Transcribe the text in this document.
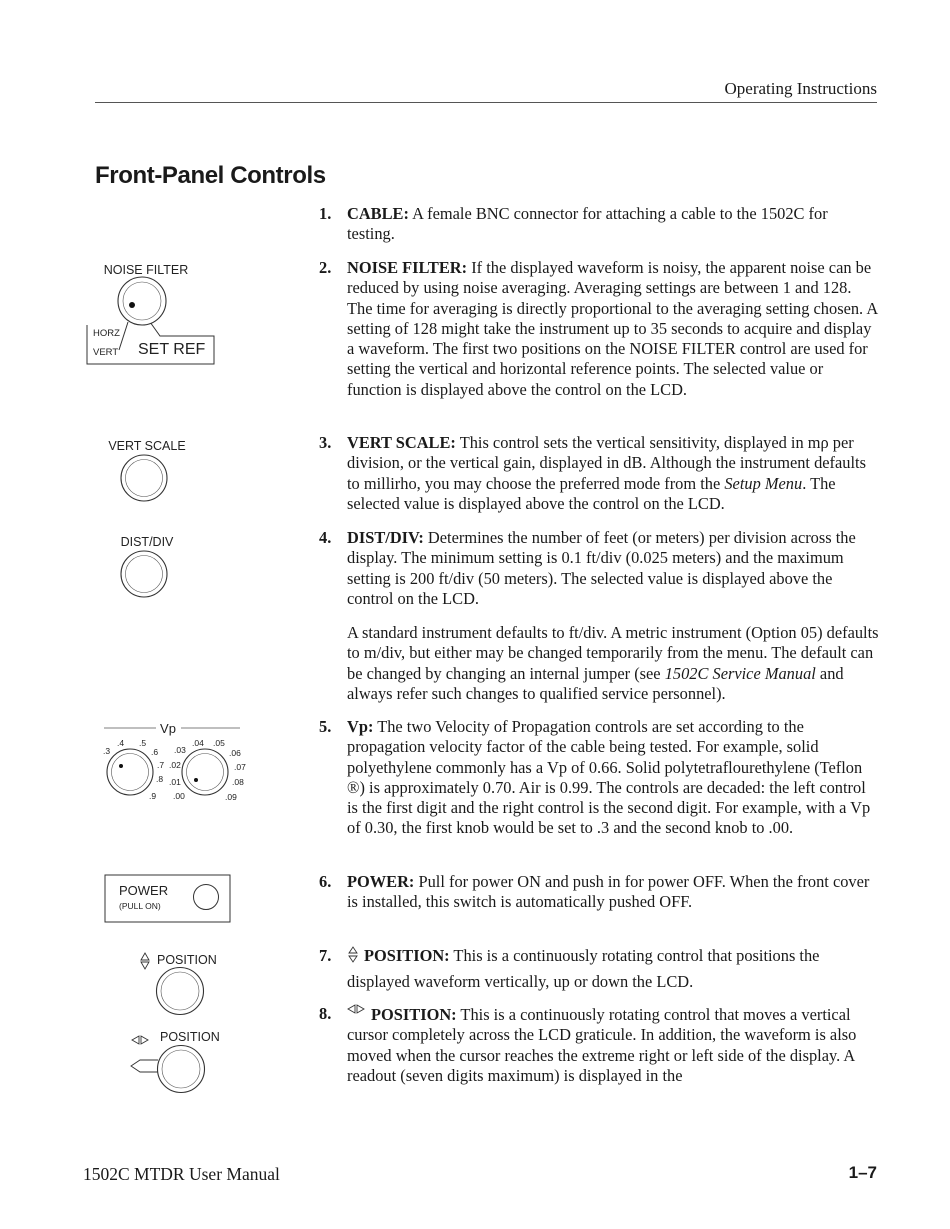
Operating Instructions
Front-Panel Controls
NOISE FILTER
HORZ
VERT SET REF
VERT SCALE
DIST/DIV
Vp
.3
.4 .5
.6
.7
.8
.9
.02
.03
.04 .05
.06
.07
.08
.09
.00
.01
POWER
(PULL ON)
POSITION
POSITION
1. CABLE: A female BNC connector for attaching a cable to the 1502C for testing.
2. NOISE FILTER: If the displayed waveform is noisy, the apparent noise can be reduced by using noise averaging. Averaging settings are between 1 and 128. The time for averaging is directly proportional to the averaging setting chosen. A setting of 128 might take the instrument up to 35 seconds to acquire and display a waveform. The first two positions on the NOISE FILTER control are used for setting the vertical and horizontal reference points. The selected value or function is displayed above the control on the LCD.
3. VERT SCALE: This control sets the vertical sensitivity, displayed in mρ per division, or the vertical gain, displayed in dB. Although the instrument defaults to millirho, you may choose the preferred mode from the Setup Menu. The selected value is displayed above the control on the LCD.
4. DIST/DIV: Determines the number of feet (or meters) per division across the display. The minimum setting is 0.1 ft/div (0.025 meters) and the maximum setting is 200 ft/div (50 meters). The selected value is displayed above the control on the LCD.
A standard instrument defaults to ft/div. A metric instrument (Option 05) defaults to m/div, but either may be changed temporarily from the menu. The default can be changed by changing an internal jumper (see 1502C Service Manual and always refer such changes to qualified service personnel).
5. Vp: The two Velocity of Propagation controls are set according to the propagation velocity factor of the cable being tested. For example, solid polyethylene commonly has a Vp of 0.66. Solid polytetraflourethylene (Teflon ®) is approximately 0.70. Air is 0.99. The controls are decaded: the left control is the first digit and the right control is the second digit. For example, with a Vp of 0.30, the first knob would be set to .3 and the second knob to .00.
6. POWER: Pull for power ON and push in for power OFF. When the front cover is installed, this switch is automatically pushed OFF.
7.	POSITION: This is a continuously rotating control that positions the displayed waveform vertically, up or down the LCD.
8.	POSITION: This is a continuously rotating control that moves a vertical cursor completely across the LCD graticule. In addition, the waveform is also moved when the cursor reaches the extreme right or left side of the display. A readout (seven digits maximum) is displayed in the
1502C MTDR User Manual	1–7
